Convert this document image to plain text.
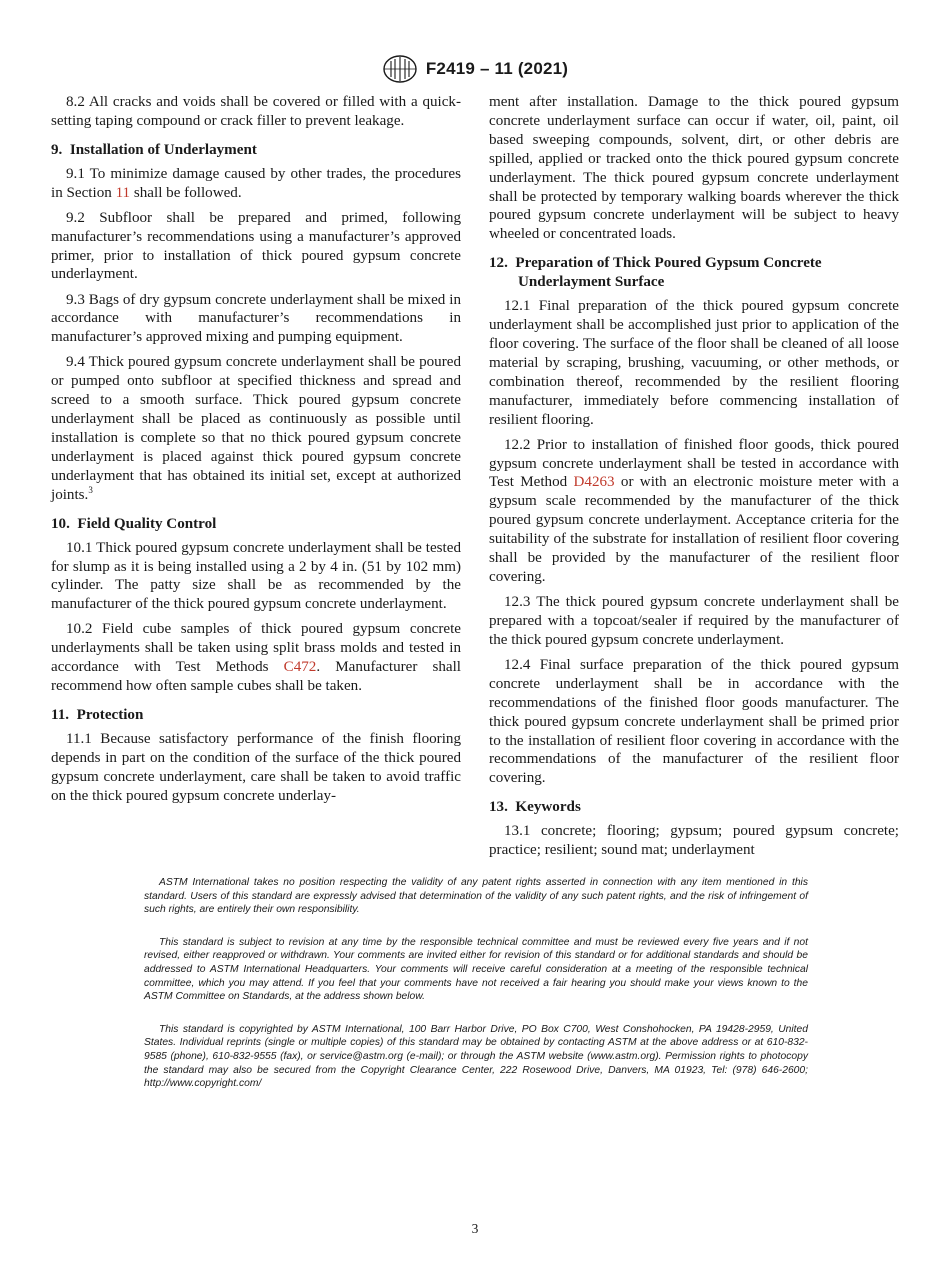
F2419 – 11 (2021)

8.2 All cracks and voids shall be covered or filled with a quick-setting taping compound or crack filler to prevent leakage.

9. Installation of Underlayment

9.1 To minimize damage caused by other trades, the procedures in Section 11 shall be followed.

9.2 Subfloor shall be prepared and primed, following manufacturer’s recommendations using a manufacturer’s approved primer, prior to installation of thick poured gypsum concrete underlayment.

9.3 Bags of dry gypsum concrete underlayment shall be mixed in accordance with manufacturer’s recommendations in manufacturer’s approved mixing and pumping equipment.

9.4 Thick poured gypsum concrete underlayment shall be poured or pumped onto subfloor at specified thickness and spread and screed to a smooth surface. Thick poured gypsum concrete underlayment shall be placed as continuously as possible until installation is complete so that no thick poured gypsum concrete underlayment is placed against thick poured gypsum concrete underlayment that has obtained its initial set, except at authorized joints.$^3$

10. Field Quality Control

10.1 Thick poured gypsum concrete underlayment shall be tested for slump as it is being installed using a 2 by 4 in. (51 by 102 mm) cylinder. The patty size shall be as recommended by the manufacturer of the thick poured gypsum concrete underlayment.

10.2 Field cube samples of thick poured gypsum concrete underlayments shall be taken using split brass molds and tested in accordance with Test Methods C472. Manufacturer shall recommend how often sample cubes shall be taken.

11. Protection

11.1 Because satisfactory performance of the finish flooring depends in part on the condition of the surface of the thick poured gypsum concrete underlayment, care shall be taken to avoid traffic on the thick poured gypsum concrete underlay-

ment after installation. Damage to the thick poured gypsum concrete underlayment surface can occur if water, oil, paint, oil based sweeping compounds, solvent, dirt, or other debris are spilled, applied or tracked onto the thick poured gypsum concrete underlayment. The thick poured gypsum concrete underlayment shall be protected by temporary walking boards wherever the thick poured gypsum concrete underlayment will be subject to heavy wheeled or concentrated loads.

12. Preparation of Thick Poured Gypsum Concrete Underlayment Surface

12.1 Final preparation of the thick poured gypsum concrete underlayment shall be accomplished just prior to application of the floor covering. The surface of the floor shall be cleaned of all loose material by scraping, brushing, vacuuming, or other methods, or combination thereof, recommended by the resilient flooring manufacturer, immediately before commencing installation of resilient flooring.

12.2 Prior to installation of finished floor goods, thick poured gypsum concrete underlayment shall be tested in accordance with Test Method D4263 or with an electronic moisture meter with a gypsum scale recommended by the manufacturer of the thick poured gypsum concrete underlayment. Acceptance criteria for the suitability of the substrate for installation of resilient floor covering shall be provided by the manufacturer of the resilient floor covering.

12.3 The thick poured gypsum concrete underlayment shall be prepared with a topcoat/sealer if required by the manufacturer of the thick poured gypsum concrete underlayment.

12.4 Final surface preparation of the thick poured gypsum concrete underlayment shall be in accordance with the recommendations of the finished floor goods manufacturer. The thick poured gypsum concrete underlayment shall be primed prior to the installation of resilient floor covering in accordance with the recommendations of the manufacturer of the resilient floor covering.

13. Keywords

13.1 concrete; flooring; gypsum; poured gypsum concrete; practice; resilient; sound mat; underlayment

ASTM International takes no position respecting the validity of any patent rights asserted in connection with any item mentioned in this standard. Users of this standard are expressly advised that determination of the validity of any such patent rights, and the risk of infringement of such rights, are entirely their own responsibility.

This standard is subject to revision at any time by the responsible technical committee and must be reviewed every five years and if not revised, either reapproved or withdrawn. Your comments are invited either for revision of this standard or for additional standards and should be addressed to ASTM International Headquarters. Your comments will receive careful consideration at a meeting of the responsible technical committee, which you may attend. If you feel that your comments have not received a fair hearing you should make your views known to the ASTM Committee on Standards, at the address shown below.

This standard is copyrighted by ASTM International, 100 Barr Harbor Drive, PO Box C700, West Conshohocken, PA 19428-2959, United States. Individual reprints (single or multiple copies) of this standard may be obtained by contacting ASTM at the above address or at 610-832-9585 (phone), 610-832-9555 (fax), or service@astm.org (e-mail); or through the ASTM website (www.astm.org). Permission rights to photocopy the standard may also be secured from the Copyright Clearance Center, 222 Rosewood Drive, Danvers, MA 01923, Tel: (978) 646-2600; http://www.copyright.com/

3
